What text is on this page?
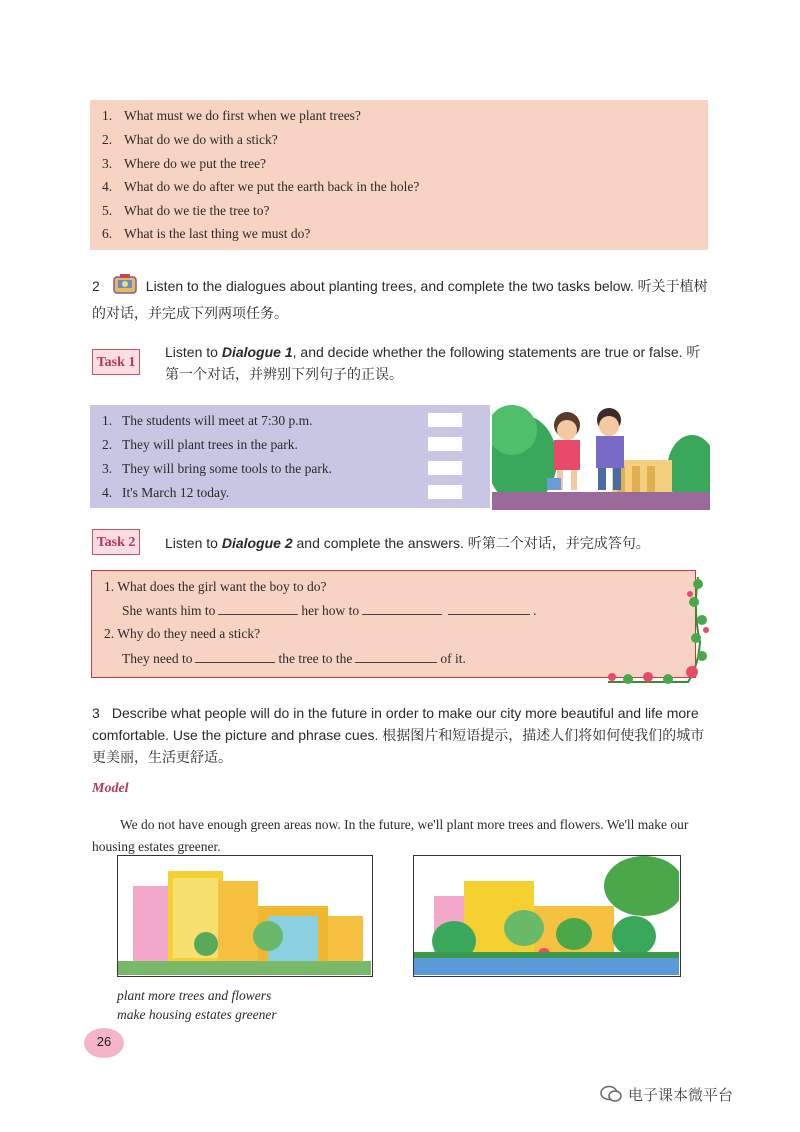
1. What must we do first when we plant trees?
2. What do we do with a stick?
3. Where do we put the tree?
4. What do we do after we put the earth back in the hole?
5. What do we tie the tree to?
6. What is the last thing we must do?
2	Listen to the dialogues about planting trees, and complete the two tasks below. 听关于植树的对话，并完成下列两项任务。
Task 1
Listen to Dialogue 1, and decide whether the following statements are true or false. 听第一个对话，并辨别下列句子的正误。
1. The students will meet at 7:30 p.m.
2. They will plant trees in the park.
3. They will bring some tools to the park.
4. It's March 12 today.
Task 2	Listen to Dialogue 2 and complete the answers. 听第二个对话，并完成答句。
1. What does the girl want the boy to do?
She wants him to	her how to	.
2. Why do they need a stick?
They need to	the tree to the	of it.
3 Describe what people will do in the future in order to make our city more beautiful and life more comfortable. Use the picture and phrase cues. 根据图片和短语提示，描述人们将如何使我们的城市更美丽，生活更舒适。
Model
We do not have enough green areas now. In the future, we'll plant more trees and flowers. We'll make our housing estates greener.
plant more trees and flowers
make housing estates greener
26
电子课本微平台
